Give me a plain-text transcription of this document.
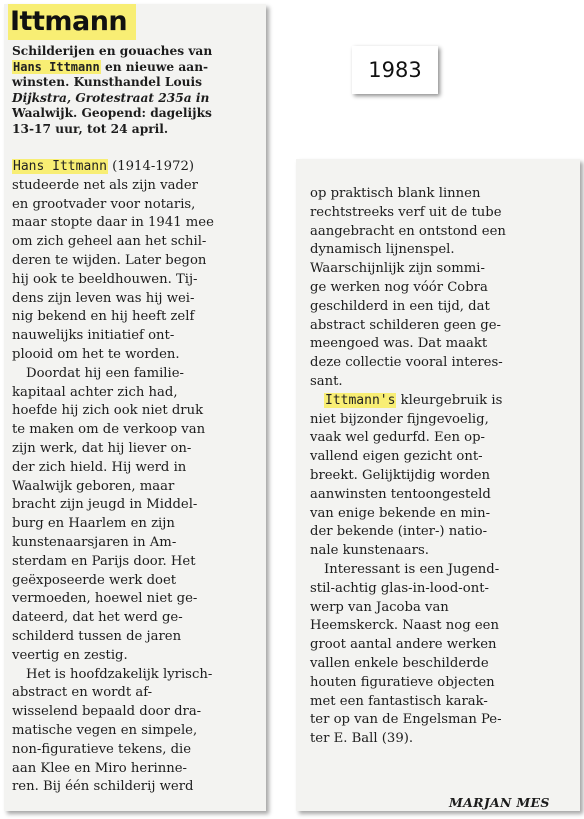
Ittmann

Schilderijen en gouaches van
Hans Ittmann en nieuwe aan-
winsten. Kunsthandel Louis
Dijkstra, Grotestraat 235a in
Waalwijk. Geopend: dagelijks
13-17 uur, tot 24 april.

Hans Ittmann (1914-1972)
studeerde net als zijn vader
en grootvader voor notaris,
maar stopte daar in 1941 mee
om zich geheel aan het schil-
deren te wijden. Later begon
hij ook te beeldhouwen. Tij-
dens zijn leven was hij wei-
nig bekend en hij heeft zelf
nauwelijks initiatief ont-
plooid om het te worden.
Doordat hij een familie-
kapitaal achter zich had,
hoefde hij zich ook niet druk
te maken om de verkoop van
zijn werk, dat hij liever on-
der zich hield. Hij werd in
Waalwijk geboren, maar
bracht zijn jeugd in Middel-
burg en Haarlem en zijn
kunstenaarsjaren in Am-
sterdam en Parijs door. Het
geëxposeerde werk doet
vermoeden, hoewel niet ge-
dateerd, dat het werd ge-
schilderd tussen de jaren
veertig en zestig.
Het is hoofdzakelijk lyrisch-
abstract en wordt af-
wisselend bepaald door dra-
matische vegen en simpele,
non-figuratieve tekens, die
aan Klee en Miro herinne-
ren. Bij één schilderij werd
1983
op praktisch blank linnen
rechtstreeks verf uit de tube
aangebracht en ontstond een
dynamisch lijnenspel.
Waarschijnlijk zijn sommi-
ge werken nog vóór Cobra
geschilderd in een tijd, dat
abstract schilderen geen ge-
meengoed was. Dat maakt
deze collectie vooral interes-
sant.
Ittmann's kleurgebruik is
niet bijzonder fijngevoelig,
vaak wel gedurfd. Een op-
vallend eigen gezicht ont-
breekt. Gelijktijdig worden
aanwinsten tentoongesteld
van enige bekende en min-
der bekende (inter-) natio-
nale kunstenaars.
Interessant is een Jugend-
stil-achtig glas-in-lood-ont-
werp van Jacoba van
Heemskerck. Naast nog een
groot aantal andere werken
vallen enkele beschilderde
houten figuratieve objecten
met een fantastisch karak-
ter op van de Engelsman Pe-
ter E. Ball (39).
MARJAN MES
